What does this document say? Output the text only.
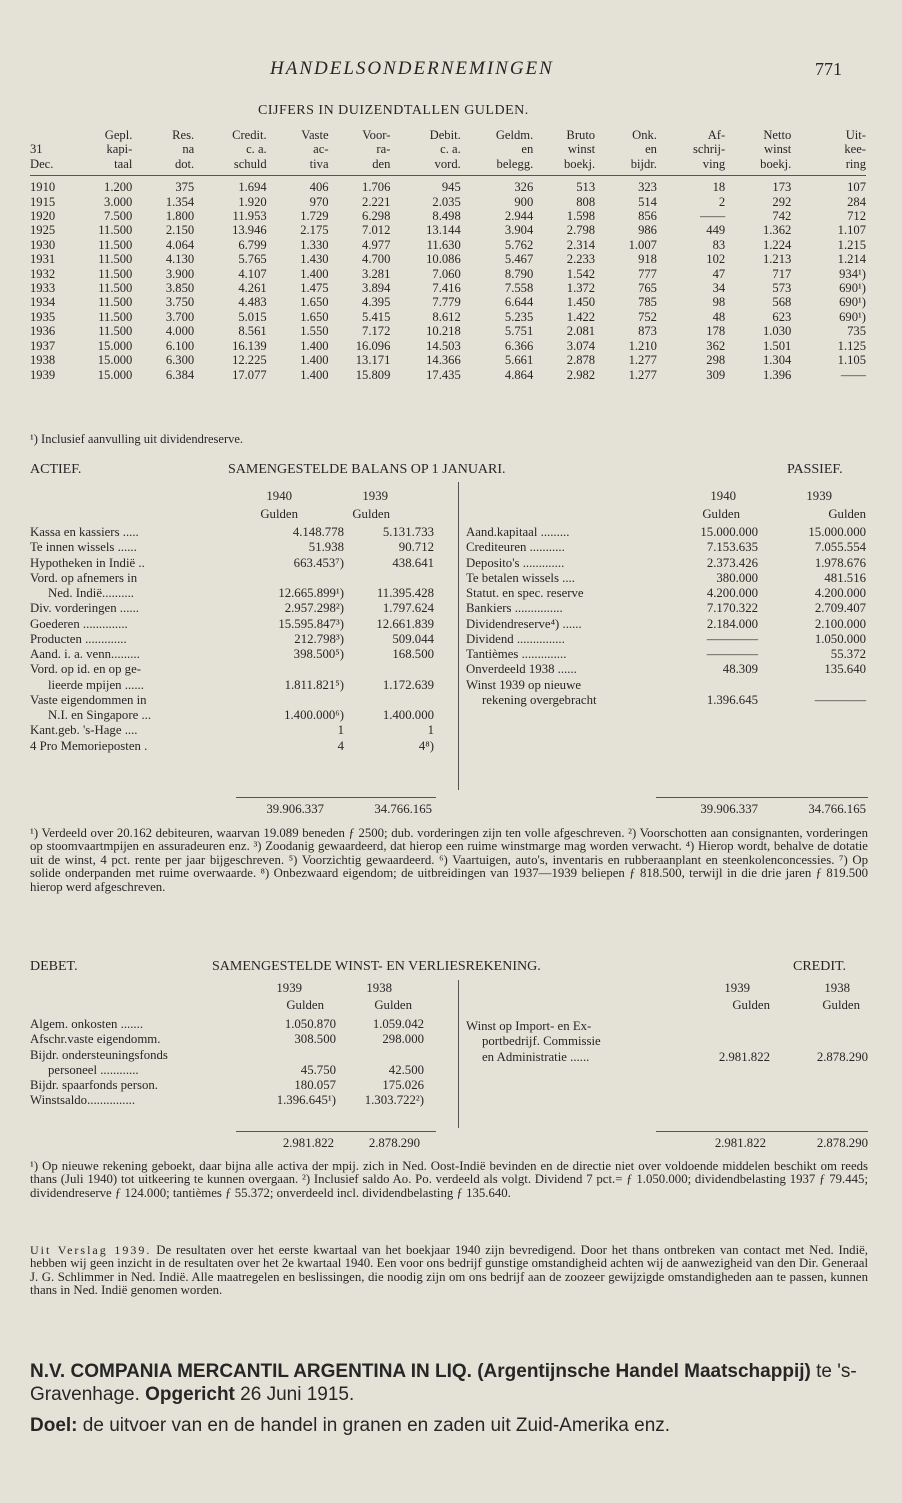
HANDELSONDERNEMINGEN	771
CIJFERS IN DUIZENDTALLEN GULDEN.
	Gepl.	Res.	Credit.	Vaste	Voor-	Debit.	Geldm.	Bruto	Onk.	Af-	Netto	Uit-
31	kapi-	na	c. a.	ac-	ra-	c. a.	en	winst	en	schrij-	winst	kee-
Dec.	taal	dot.	schuld	tiva	den	vord.	belegg.	boekj.	bijdr.	ving	boekj.	ring

1910	1.200	375	1.694	406	1.706	945	326	513	323	18	173	107
1915	3.000	1.354	1.920	970	2.221	2.035	900	808	514	2	292	284
1920	7.500	1.800	11.953	1.729	6.298	8.498	2.944	1.598	856	——	742	712
1925	11.500	2.150	13.946	2.175	7.012	13.144	3.904	2.798	986	449	1.362	1.107
1930	11.500	4.064	6.799	1.330	4.977	11.630	5.762	2.314	1.007	83	1.224	1.215
1931	11.500	4.130	5.765	1.430	4.700	10.086	5.467	2.233	918	102	1.213	1.214
1932	11.500	3.900	4.107	1.400	3.281	7.060	8.790	1.542	777	47	717	934¹)
1933	11.500	3.850	4.261	1.475	3.894	7.416	7.558	1.372	765	34	573	690¹)
1934	11.500	3.750	4.483	1.650	4.395	7.779	6.644	1.450	785	98	568	690¹)
1935	11.500	3.700	5.015	1.650	5.415	8.612	5.235	1.422	752	48	623	690¹)
1936	11.500	4.000	8.561	1.550	7.172	10.218	5.751	2.081	873	178	1.030	735
1937	15.000	6.100	16.139	1.400	16.096	14.503	6.366	3.074	1.210	362	1.501	1.125
1938	15.000	6.300	12.225	1.400	13.171	14.366	5.661	2.878	1.277	298	1.304	1.105
1939	15.000	6.384	17.077	1.400	15.809	17.435	4.864	2.982	1.277	309	1.396	——
¹) Inclusief aanvulling uit dividendreserve.
ACTIEF.	SAMENGESTELDE BALANS OP 1 JANUARI.	PASSIEF.
1940	1939
Gulden	Gulden
1940	1939
Gulden	Gulden
Kassa en kassiers .....	4.148.778	5.131.733
Te innen wissels ......	51.938	90.712
Hypotheken in Indië ..	663.453⁷)	438.641
Vord. op afnemers in
Ned. Indië..........	12.665.899¹)	11.395.428
Div. vorderingen ......	2.957.298²)	1.797.624
Goederen ..............	15.595.847³)	12.661.839
Producten .............	212.798³)	509.044
Aand. i. a. venn.........	398.500⁵)	168.500
Vord. op id. en op ge-
lieerde mpijen ......	1.811.821⁵)	1.172.639
Vaste eigendommen in
N.I. en Singapore ...	1.400.000⁶)	1.400.000
Kant.geb. 's-Hage ....	1	1
4 Pro Memorieposten .	4	4⁸)
Aand.kapitaal .........	15.000.000	15.000.000
Crediteuren ...........	7.153.635	7.055.554
Deposito's .............	2.373.426	1.978.676
Te betalen wissels ....	380.000	481.516
Statut. en spec. reserve	4.200.000	4.200.000
Bankiers ...............	7.170.322	2.709.407
Dividendreserve⁴) ......	2.184.000	2.100.000
Dividend ...............	————	1.050.000
Tantièmes ..............	————	55.372
Onverdeeld 1938 ......	48.309	135.640
Winst 1939 op nieuwe
rekening overgebracht	1.396.645	————
39.906.337	34.766.165	39.906.337	34.766.165
¹) Verdeeld over 20.162 debiteuren, waarvan 19.089 beneden ƒ 2500; dub. vorderingen zijn ten volle afgeschreven. ²) Voorschotten aan consignanten, vorderingen op stoomvaartmpijen en assuradeuren enz. ³) Zoodanig gewaardeerd, dat hierop een ruime winstmarge mag worden verwacht. ⁴) Hierop wordt, behalve de dotatie uit de winst, 4 pct. rente per jaar bijgeschreven. ⁵) Voorzichtig gewaardeerd. ⁶) Vaartuigen, auto's, inventaris en rubberaanplant en steenkolenconcessies. ⁷) Op solide onderpanden met ruime overwaarde. ⁸) Onbezwaard eigendom; de uitbreidingen van 1937—1939 beliepen ƒ 818.500, terwijl in die drie jaren ƒ 819.500 hierop werd afgeschreven.
DEBET.	SAMENGESTELDE WINST- EN VERLIESREKENING.	CREDIT.
1939	1938
Gulden	Gulden
1939	1938
Gulden	Gulden
Algem. onkosten .......	1.050.870	1.059.042
Afschr.vaste eigendomm.	308.500	298.000
Bijdr. ondersteuningsfonds
personeel ............	45.750	42.500
Bijdr. spaarfonds person.	180.057	175.026
Winstsaldo...............	1.396.645¹) 1.303.722²)
Winst op Import- en Ex-
portbedrijf. Commissie
en Administratie ......	2.981.822	2.878.290
2.981.822	2.878.290	2.981.822	2.878.290
¹) Op nieuwe rekening geboekt, daar bijna alle activa der mpij. zich in Ned. Oost-Indië bevinden en de directie niet over voldoende middelen beschikt om reeds thans (Juli 1940) tot uitkeering te kunnen overgaan. ²) Inclusief saldo Ao. Po. verdeeld als volgt. Dividend 7 pct.= ƒ 1.050.000; dividendbelasting 1937 ƒ 79.445; dividendreserve ƒ 124.000; tantièmes ƒ 55.372; onverdeeld incl. dividendbelasting ƒ 135.640.
Uit Verslag 1939. De resultaten over het eerste kwartaal van het boekjaar 1940 zijn bevredigend. Door het thans ontbreken van contact met Ned. Indië, hebben wij geen inzicht in de resultaten over het 2e kwartaal 1940. Een voor ons bedrijf gunstige omstandigheid achten wij de aanwezigheid van den Dir. Generaal J. G. Schlimmer in Ned. Indië. Alle maatregelen en beslissingen, die noodig zijn om ons bedrijf aan de zoozeer gewijzigde omstandigheden aan te passen, kunnen thans in Ned. Indië genomen worden.
N.V. COMPANIA MERCANTIL ARGENTINA IN LIQ. (Argentijnsche Handel Maatschappij) te 's-Gravenhage. Opgericht 26 Juni 1915.
Doel: de uitvoer van en de handel in granen en zaden uit Zuid-Amerika enz.
